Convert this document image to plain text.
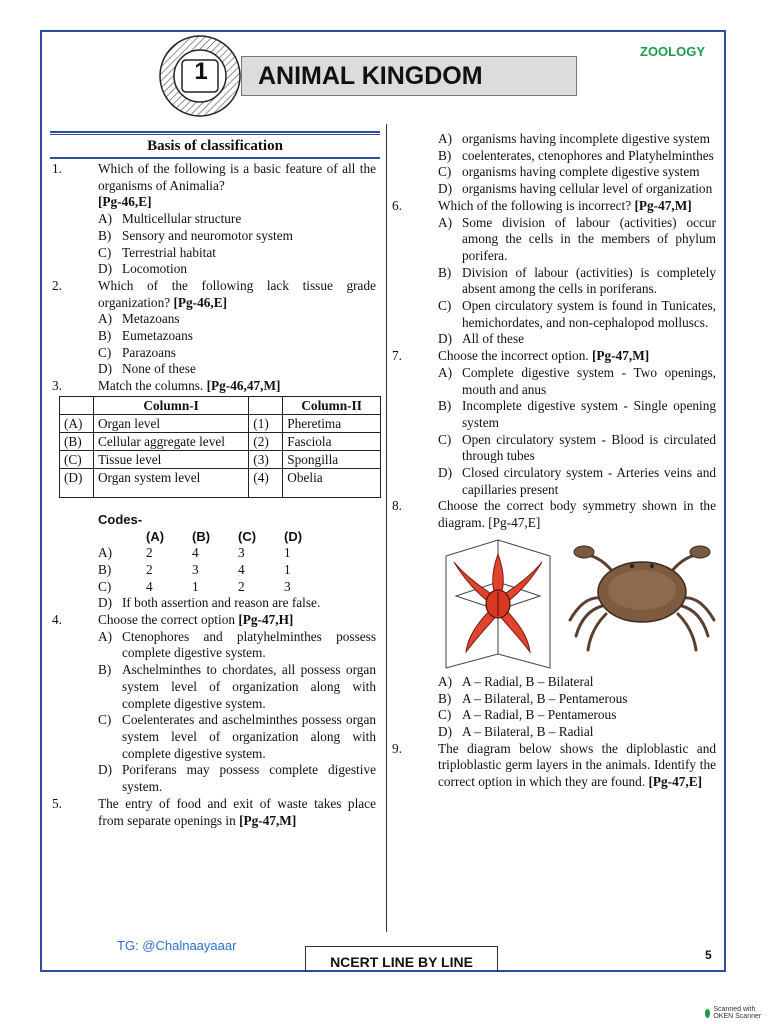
1	ANIMAL KINGDOM
ZOOLOGY
Basis of classification
1.	Which of the following is a basic feature of all the organisms of Animalia?
[Pg-46,E]
A) Multicellular structure
B) Sensory and neuromotor system
C) Terrestrial habitat
D) Locomotion
2.	Which of the following lack tissue grade organization? [Pg-46,E]
A) Metazoans
B) Eumetazoans
C) Parazoans
D) None of these
3.	Match the columns. [Pg-46,47,M]
	Column-I		Column-II
(A)	Organ level	(1)	Pheretima
(B)	Cellular aggregate level	(2)	Fasciola
(C)	Tissue level	(3)	Spongilla
(D)	Organ system level	(4)	Obelia
Codes-
(A)	(B)	(C)	(D)
A)	2	4	3	1
B)	2	3	4	1
C)	4	1	2	3
D) If both assertion and reason are false.
4.	Choose the correct option [Pg-47,H]
A) Ctenophores and platyhelminthes possess complete digestive system.
B) Aschelminthes to chordates, all possess organ system level of organization along with complete digestive system.
C) Coelenterates and aschelminthes possess organ system level of organization along with complete digestive system.
D) Poriferans may possess complete digestive system.
5.	The entry of food and exit of waste takes place from separate openings in [Pg-47,M]
A) organisms having incomplete digestive system
B) coelenterates, ctenophores and Platyhelminthes
C) organisms having complete digestive system
D) organisms having cellular level of organization
6.	Which of the following is incorrect? [Pg-47,M]
A) Some division of labour (activities) occur among the cells in the members of phylum porifera.
B) Division of labour (activities) is completely absent among the cells in poriferans.
C) Open circulatory system is found in Tunicates, hemichordates, and non-cephalopod molluscs.
D) All of these
7.	Choose the incorrect option. [Pg-47,M]
A) Complete digestive system - Two openings, mouth and anus
B) Incomplete digestive system - Single opening system
C) Open circulatory system - Blood is circulated through tubes
D) Closed circulatory system - Arteries veins and capillaries present
8.	Choose the correct body symmetry shown in the diagram. [Pg-47,E]
A) A – Radial, B – Bilateral
B) A – Bilateral, B – Pentamerous
C) A – Radial, B – Pentamerous
D) A – Bilateral, B – Radial
9.	The diagram below shows the diploblastic and triploblastic germ layers in the animals. Identify the correct option in which they are found. [Pg-47,E]
TG: @Chalnaayaaar
NCERT LINE BY LINE	5
Scanned with OKEN Scanner
